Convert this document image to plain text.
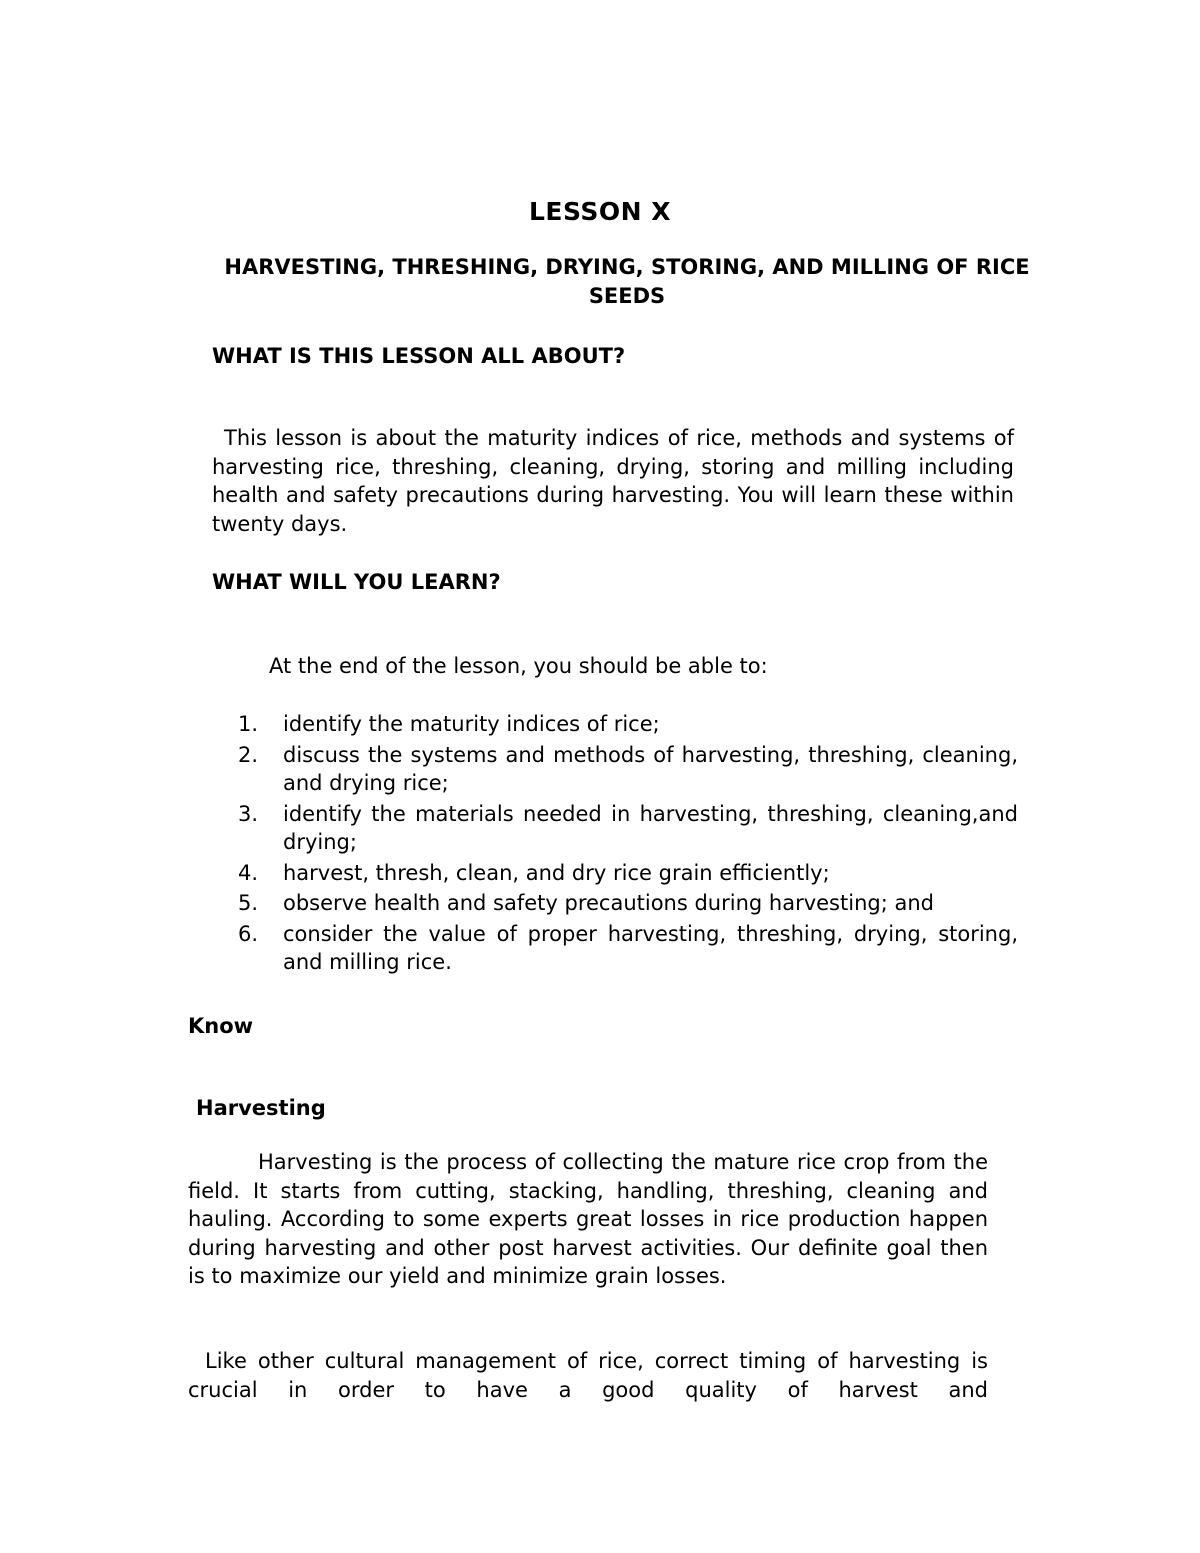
LESSON X
HARVESTING, THRESHING, DRYING, STORING, AND MILLING OF RICE SEEDS
WHAT IS THIS LESSON ALL ABOUT?

This lesson is about the maturity indices of rice, methods and systems of harvesting rice, threshing, cleaning, drying, storing and milling including health and safety precautions during harvesting. You will learn these within twenty days.

WHAT WILL YOU LEARN?

At the end of the lesson, you should be able to:

1.	identify the maturity indices of rice;
2.	discuss the systems and methods of harvesting, threshing, cleaning, and drying rice;
3.	identify the materials needed in harvesting, threshing, cleaning,and drying;
4.	harvest, thresh, clean, and dry rice grain efficiently;
5.	observe health and safety precautions during harvesting; and
6.	consider the value of proper harvesting, threshing, drying, storing, and milling rice.
Know
Harvesting

Harvesting is the process of collecting the mature rice crop from the field. It starts from cutting, stacking, handling, threshing, cleaning and hauling. According to some experts great losses in rice production happen during harvesting and other post harvest activities. Our definite goal then is to maximize our yield and minimize grain losses.

Like other cultural management of rice, correct timing of harvesting is crucial in order to have a good quality of harvest and
